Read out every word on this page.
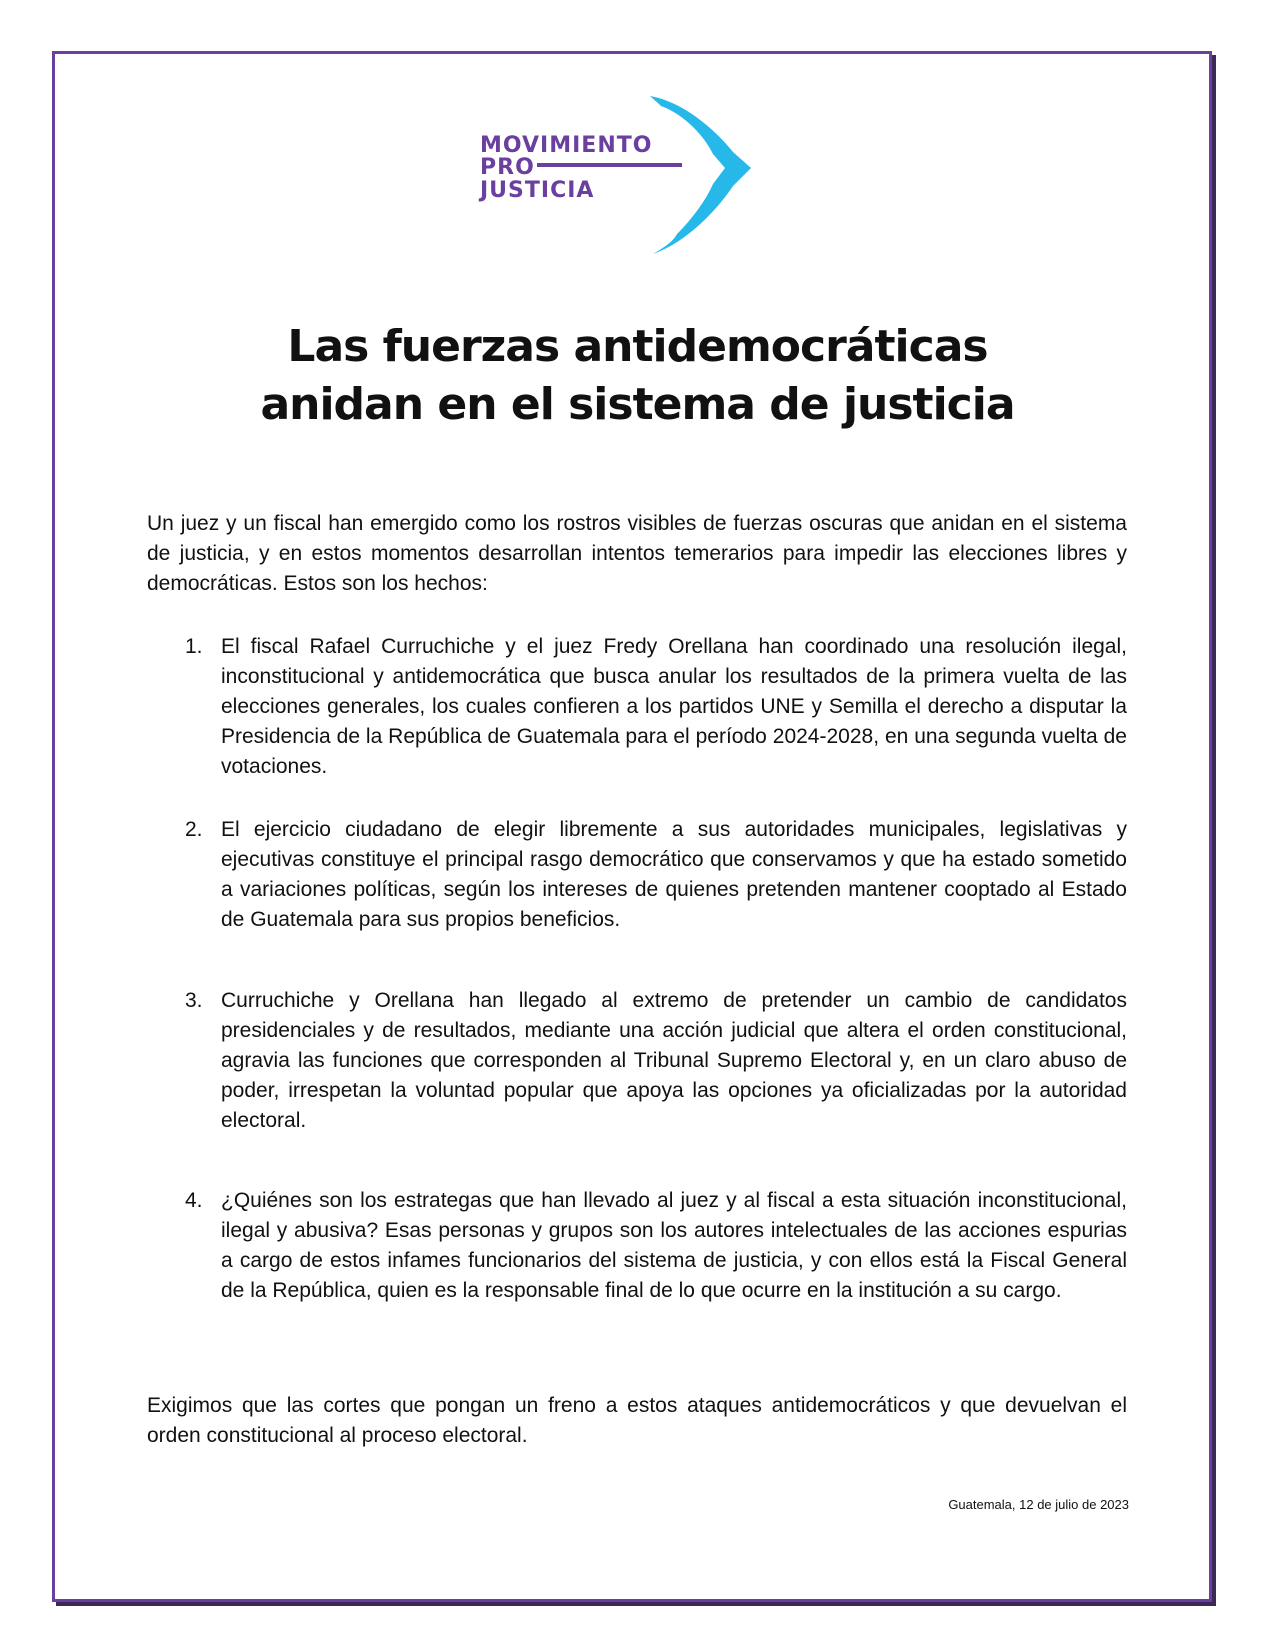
MOVIMIENTO
PRO
JUSTICIA
Las fuerzas antidemocráticas
anidan en el sistema de justicia

Un juez y un fiscal han emergido como los rostros visibles de fuerzas oscuras que anidan en el sistema de justicia, y en estos momentos desarrollan intentos temerarios para impedir las elecciones libres y democráticas. Estos son los hechos:

1. El fiscal Rafael Curruchiche y el juez Fredy Orellana han coordinado una resolución ilegal, inconstitucional y antidemocrática que busca anular los resultados de la primera vuelta de las elecciones generales, los cuales confieren a los partidos UNE y Semilla el derecho a disputar la Presidencia de la República de Guatemala para el período 2024-2028, en una segunda vuelta de votaciones.
2. El ejercicio ciudadano de elegir libremente a sus autoridades municipales, legislativas y ejecutivas constituye el principal rasgo democrático que conservamos y que ha estado sometido a variaciones políticas, según los intereses de quienes pretenden mantener cooptado al Estado de Guatemala para sus propios beneficios.
3. Curruchiche y Orellana han llegado al extremo de pretender un cambio de candidatos presidenciales y de resultados, mediante una acción judicial que altera el orden constitucional, agravia las funciones que corresponden al Tribunal Supremo Electoral y, en un claro abuso de poder, irrespetan la voluntad popular que apoya las opciones ya oficializadas por la autoridad electoral.
4. ¿Quiénes son los estrategas que han llevado al juez y al fiscal a esta situación inconstitucional, ilegal y abusiva? Esas personas y grupos son los autores intelectuales de las acciones espurias a cargo de estos infames funcionarios del sistema de justicia, y con ellos está la Fiscal General de la República, quien es la responsable final de lo que ocurre en la institución a su cargo.

Exigimos que las cortes que pongan un freno a estos ataques antidemocráticos y que devuelvan el orden constitucional al proceso electoral.

Guatemala, 12 de julio de 2023
